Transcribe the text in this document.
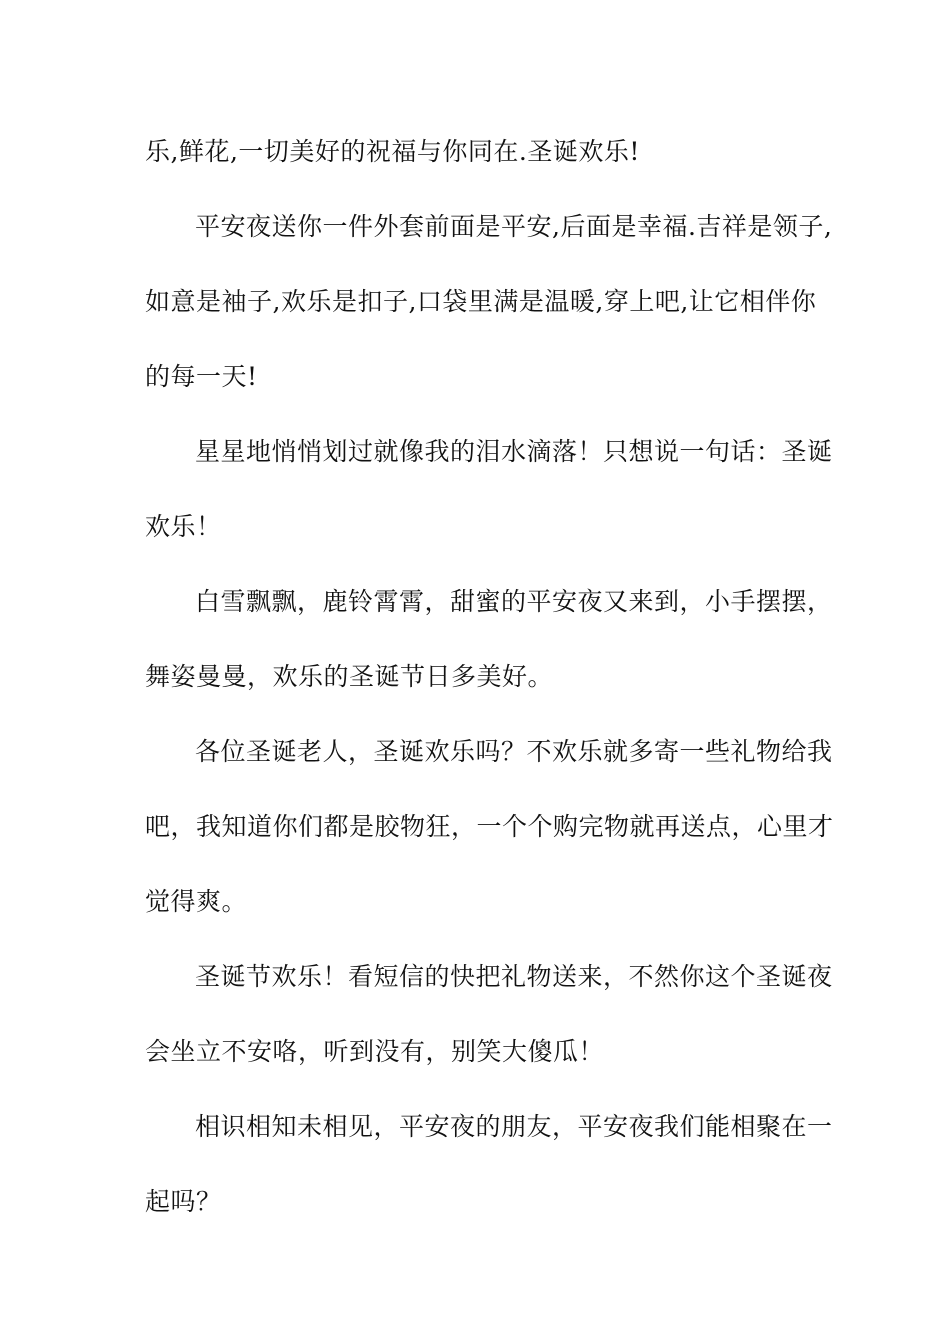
乐,鲜花,一切美好的祝福与你同在.圣诞欢乐!
平安夜送你一件外套前面是平安,后面是幸福.吉祥是领子,
如意是袖子,欢乐是扣子,口袋里满是温暖,穿上吧,让它相伴你
的每一天!
星星地悄悄划过就像我的泪水滴落！只想说一句话：圣诞
欢乐！
白雪飘飘，鹿铃霄霄，甜蜜的平安夜又来到，小手摆摆，
舞姿曼曼，欢乐的圣诞节日多美好。
各位圣诞老人，圣诞欢乐吗？不欢乐就多寄一些礼物给我
吧，我知道你们都是胶物狂，一个个购完物就再送点，心里才
觉得爽。
圣诞节欢乐！看短信的快把礼物送来，不然你这个圣诞夜
会坐立不安咯，听到没有，别笑大傻瓜！
相识相知未相见，平安夜的朋友，平安夜我们能相聚在一
起吗？
